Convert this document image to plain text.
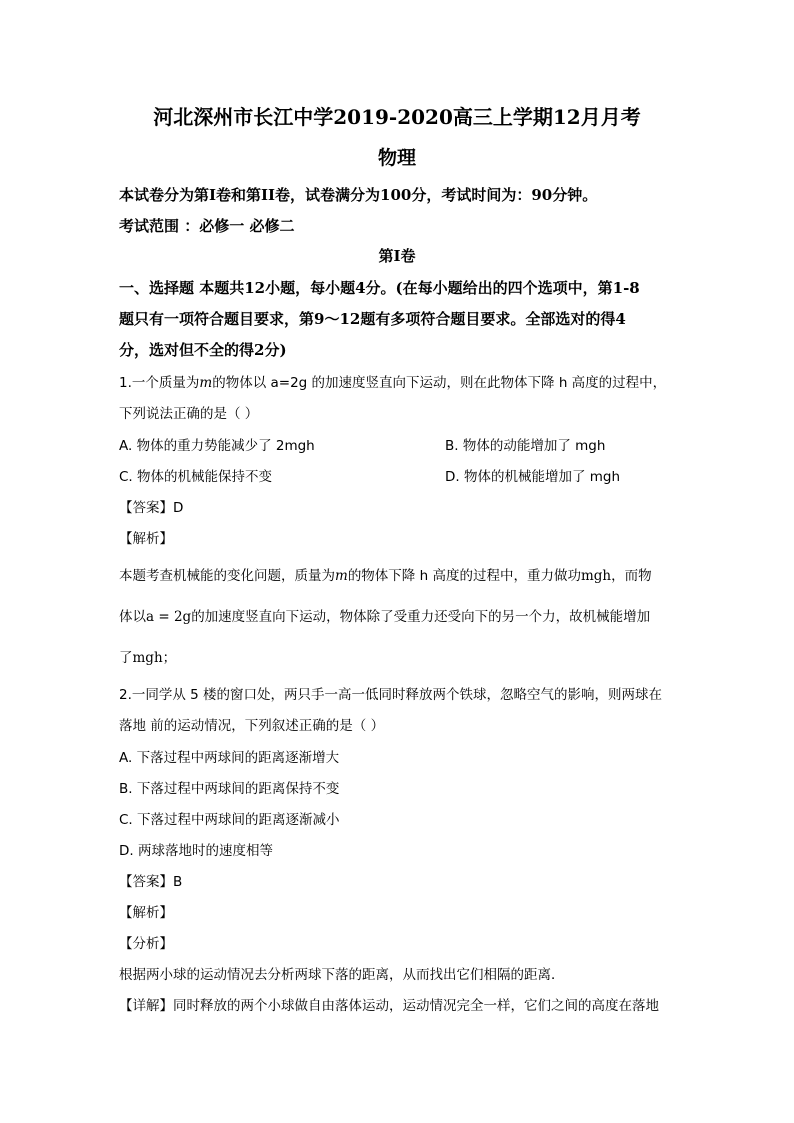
河北深州市长江中学2019-2020高三上学期12月月考
物理
本试卷分为第I卷和第II卷，试卷满分为100分，考试时间为：90分钟。
考试范围 ：必修一 必修二
第I卷
一、选择题 本题共12小题，每小题4分。(在每小题给出的四个选项中，第1-8
题只有一项符合题目要求，第9～12题有多项符合题目要求。全部选对的得4
分，选对但不全的得2分)
1.一个质量为m的物体以 a=2g 的加速度竖直向下运动，则在此物体下降 h 高度的过程中，
下列说法正确的是（ ）
A. 物体的重力势能减少了 2mgh	B. 物体的动能增加了 mgh
C. 物体的机械能保持不变	D. 物体的机械能增加了 mgh
【答案】D
【解析】
本题考查机械能的变化问题，质量为m的物体下降 h 高度的过程中，重力做功mgh，而物
体以a = 2g的加速度竖直向下运动，物体除了受重力还受向下的另一个力，故机械能增加
了mgh；
2.一同学从 5 楼的窗口处，两只手一高一低同时释放两个铁球，忽略空气的影响，则两球在
落地 前的运动情况，下列叙述正确的是（ ）
A. 下落过程中两球间的距离逐渐增大
B. 下落过程中两球间的距离保持不变
C. 下落过程中两球间的距离逐渐减小
D. 两球落地时的速度相等
【答案】B
【解析】
【分析】
根据两小球的运动情况去分析两球下落的距离，从而找出它们相隔的距离．
【详解】同时释放的两个小球做自由落体运动，运动情况完全一样，它们之间的高度在落地
